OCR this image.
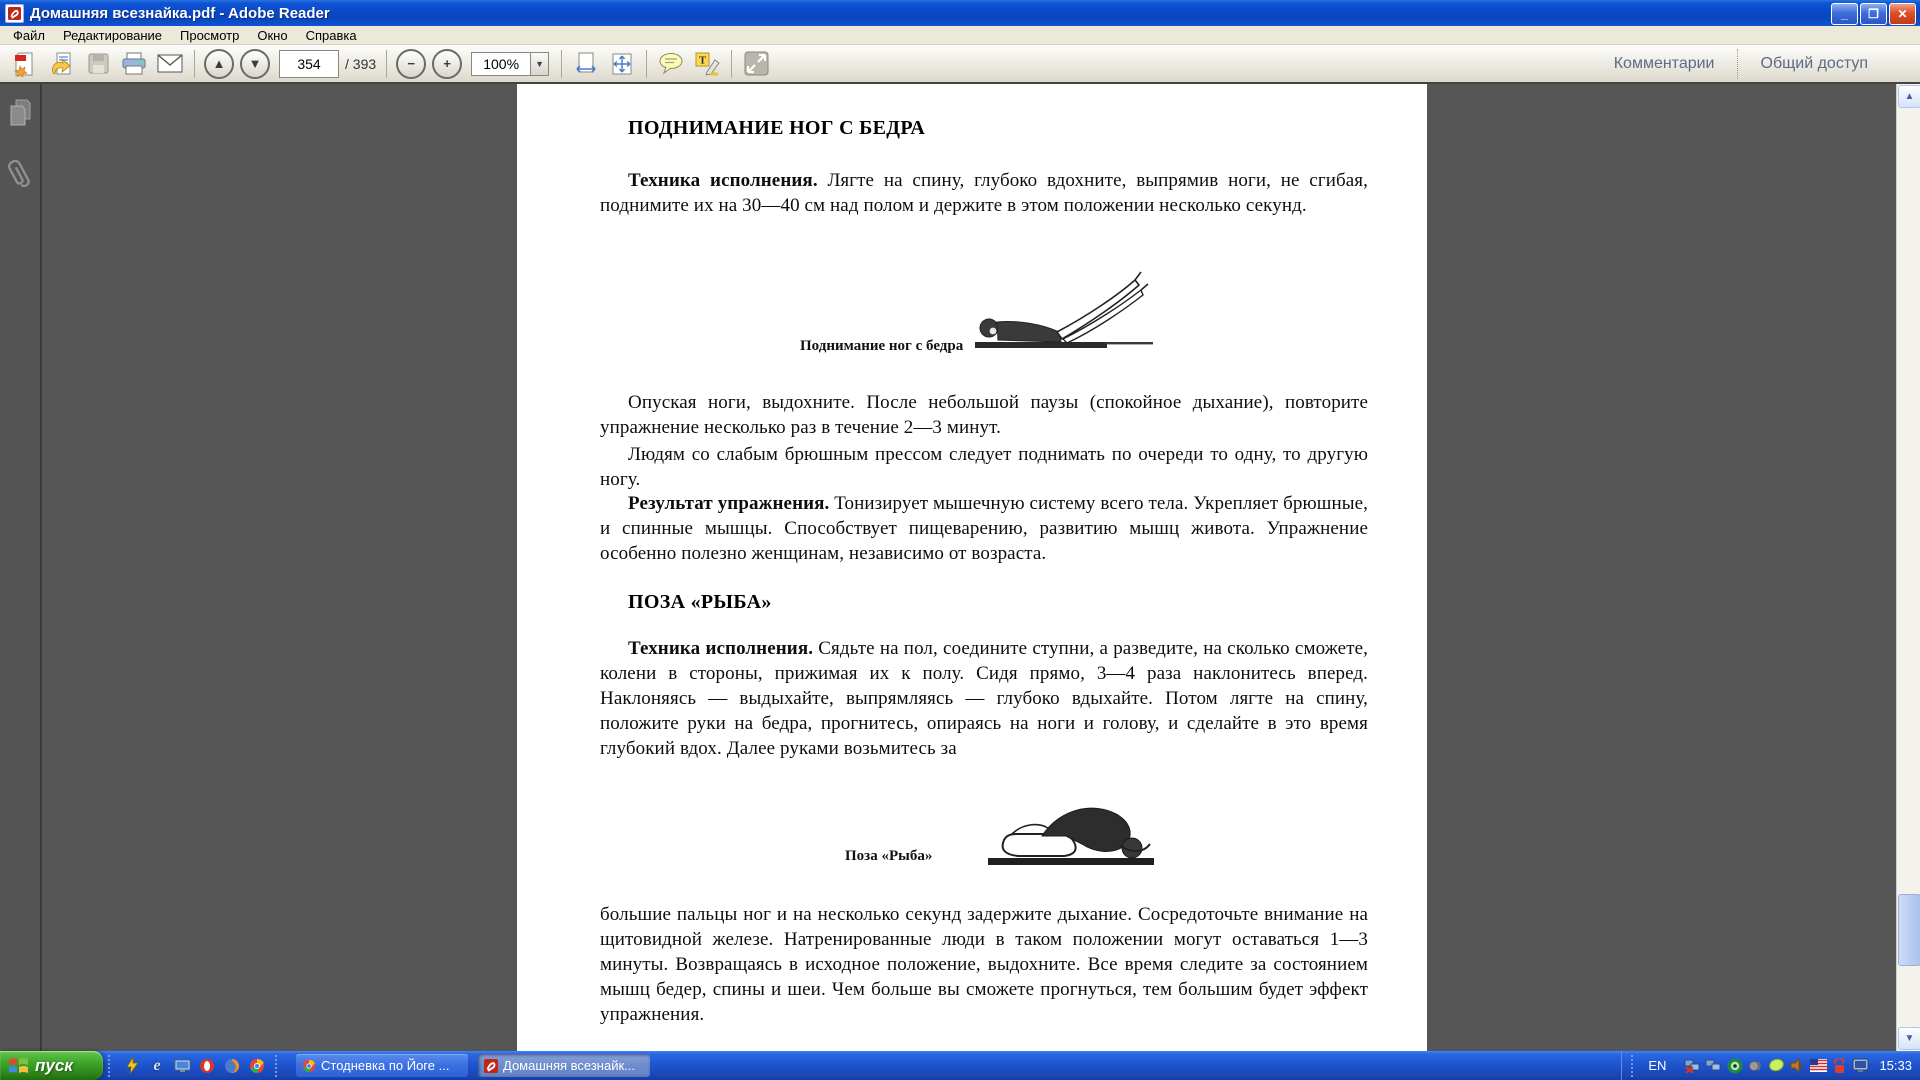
Домашняя всезнайка.pdf - Adobe Reader	_	❐	✕
Файл	Редактирование	Просмотр	Окно	Справка
▲	▼
354	/ 393	−	+	100%	▼	T	Комментарии	Общий доступ
ПОДНИМАНИЕ НОГ С БЕДРА
Техника исполнения. Лягте на спину, глубоко вдохните, выпрямив ноги, не сгибая, поднимите их на 30—40 см над полом и держите в этом положении несколько секунд.
Поднимание ног с бедра
Опуская ноги, выдохните. После небольшой паузы (спокойное дыхание), повторите упражнение несколько раз в течение 2—3 минут.
Людям со слабым брюшным прессом следует поднимать по очереди то одну, то другую ногу.
Результат упражнения. Тонизирует мышечную систему всего тела. Укрепляет брюшные, и спинные мышцы. Способствует пищеварению, развитию мышц живота. Упражнение особенно полезно женщинам, независимо от возраста.
ПОЗА «РЫБА»
Техника исполнения. Сядьте на пол, соедините ступни, а разведите, на сколько сможете, колени в стороны, прижимая их к полу. Сидя прямо, 3—4 раза наклонитесь вперед. Наклоняясь — выдыхайте, выпрямляясь — глубоко вдыхайте. Потом лягте на спину, положите руки на бедра, прогнитесь, опираясь на ноги и голову, и сделайте в это время глубокий вдох. Далее руками возьмитесь за
Поза «Рыба»
большие пальцы ног и на несколько секунд задержите дыхание. Сосредоточьте внимание на щитовидной железе. Натренированные люди в таком положении могут оставаться 1—3 минуты. Возвращаясь в исходное положение, выдохните. Все время следите за состоянием мышц бедер, спины и шеи. Чем больше вы сможете прогнуться, тем большим будет эффект упражнения.
▲
▼
пуск	e	Стодневка по Йоге ...	Домашняя всезнайк...	EN	15:33
